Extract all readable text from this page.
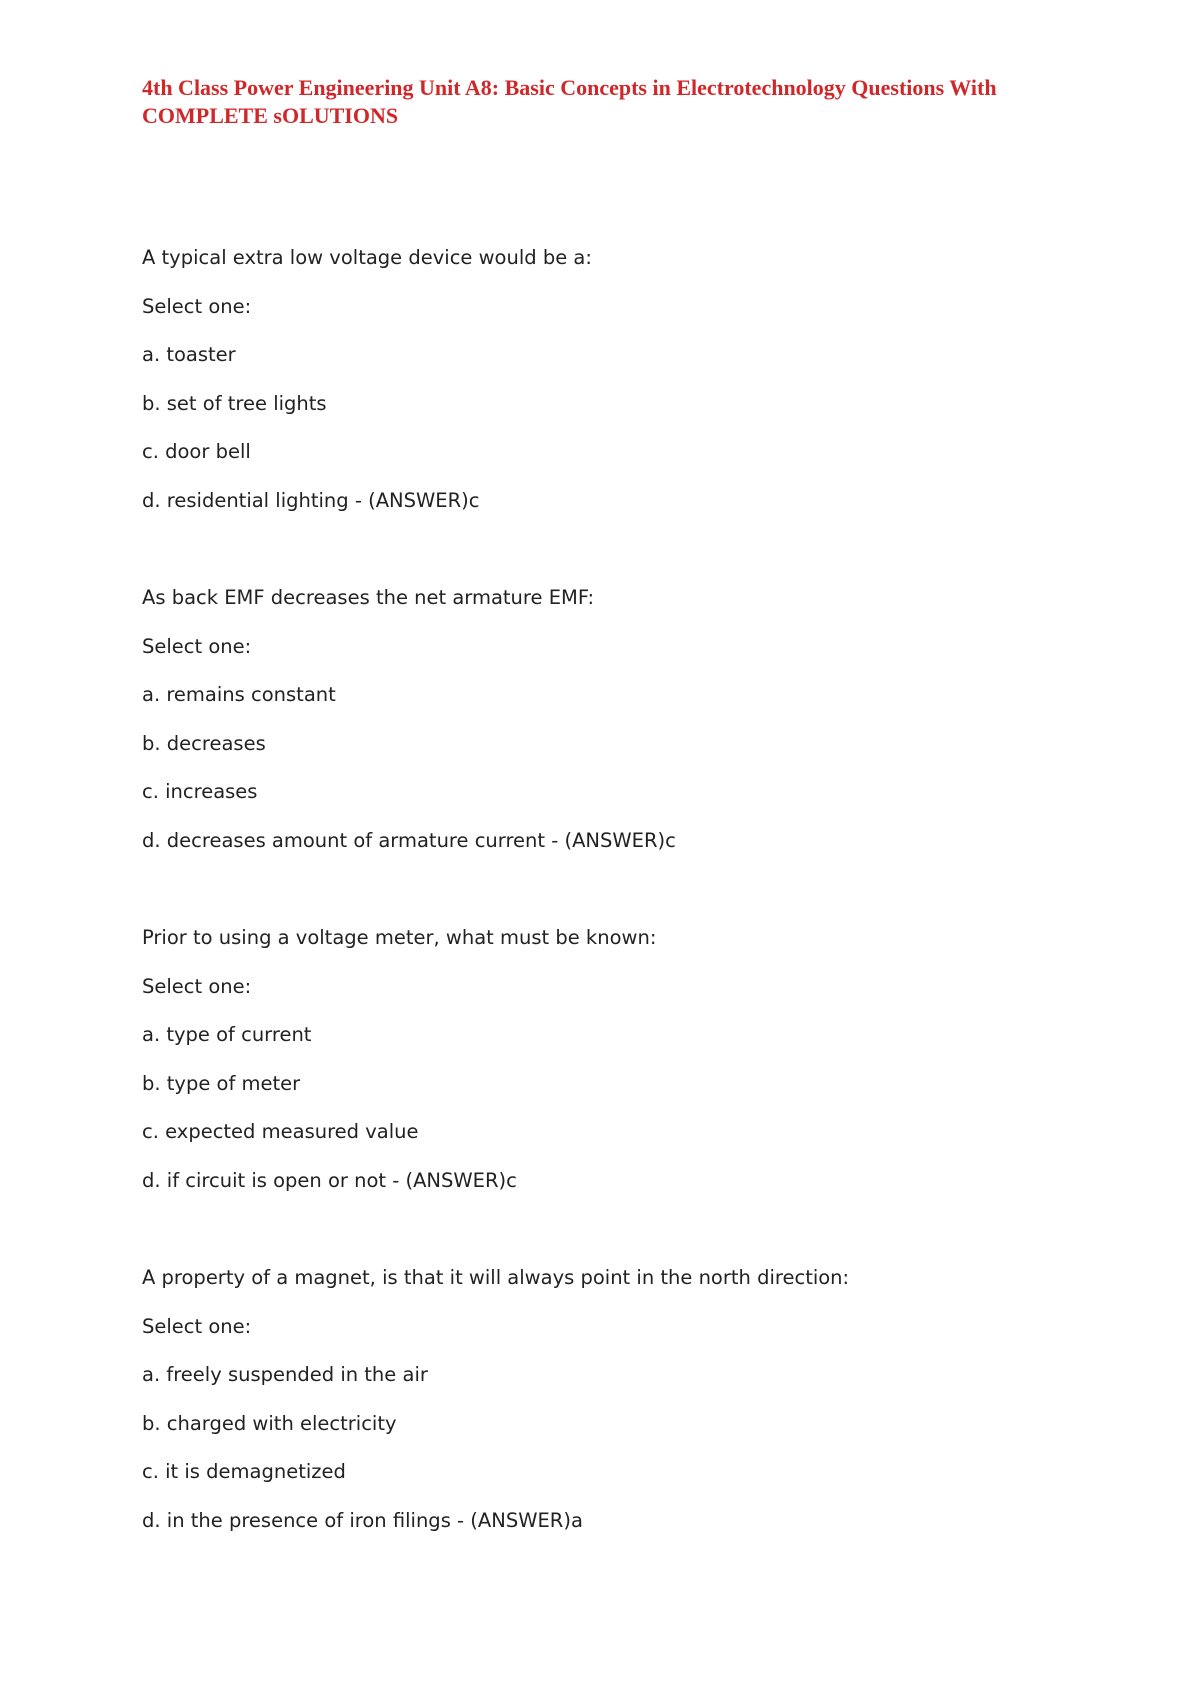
4th Class Power Engineering Unit A8: Basic Concepts in Electrotechnology Questions With
COMPLETE sOLUTIONS

A typical extra low voltage device would be a:

Select one:

a. toaster

b. set of tree lights

c. door bell

d. residential lighting - (ANSWER)c

As back EMF decreases the net armature EMF:

Select one:

a. remains constant

b. decreases

c. increases

d. decreases amount of armature current - (ANSWER)c

Prior to using a voltage meter, what must be known:

Select one:

a. type of current

b. type of meter

c. expected measured value

d. if circuit is open or not - (ANSWER)c

A property of a magnet, is that it will always point in the north direction:

Select one:

a. freely suspended in the air

b. charged with electricity

c. it is demagnetized

d. in the presence of iron filings - (ANSWER)a
